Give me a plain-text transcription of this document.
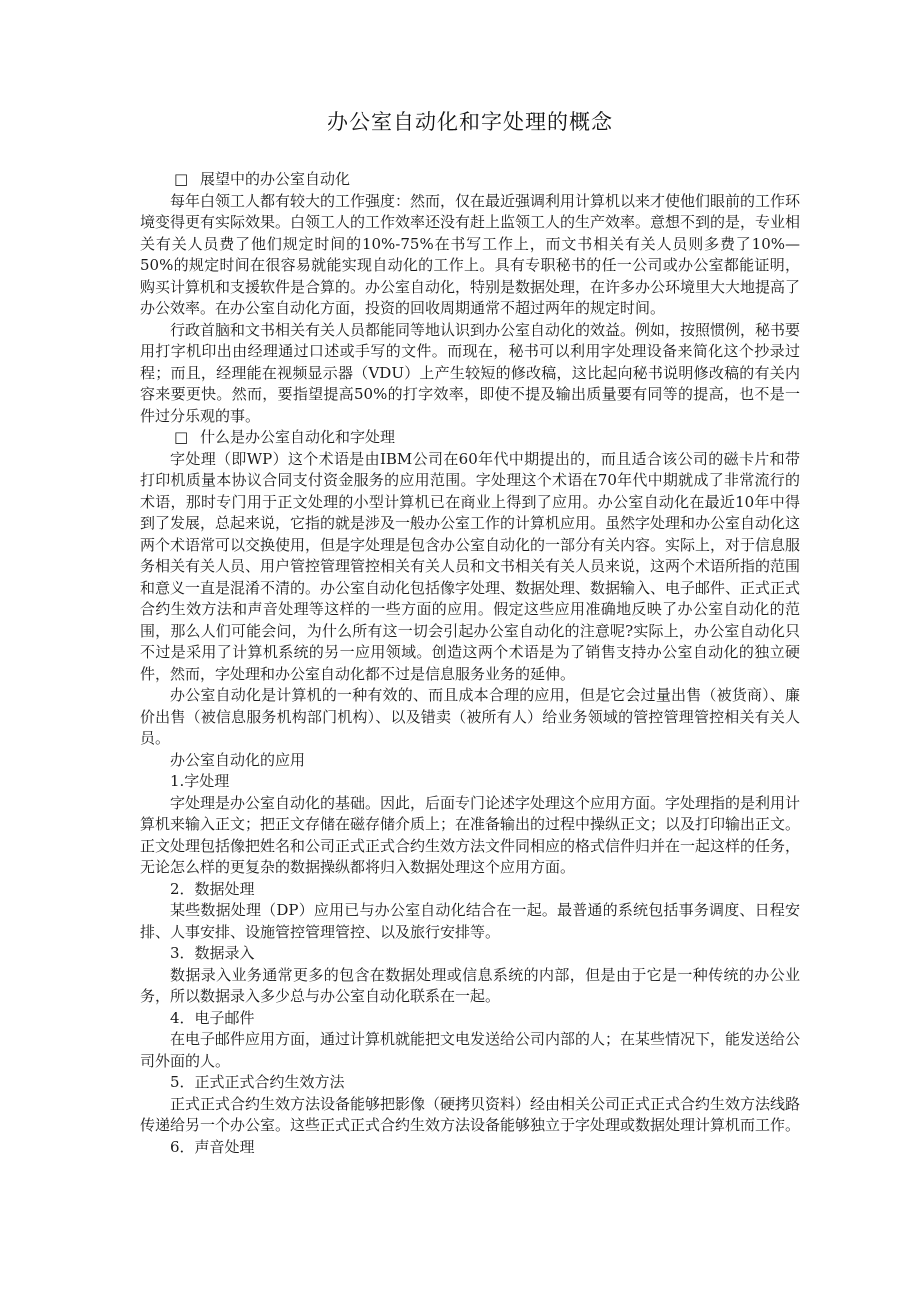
办公室自动化和字处理的概念
□ 展望中的办公室自动化
每年白领工人都有较大的工作强度：然而，仅在最近强调利用计算机以来才使他们眼前的工作环境变得更有实际效果。白领工人的工作效率还没有赶上监领工人的生产效率。意想不到的是，专业相关有关人员费了他们规定时间的10%-75%在书写工作上，而文书相关有关人员则多费了10%—50%的规定时间在很容易就能实现自动化的工作上。具有专职秘书的任一公司或办公室都能证明，购买计算机和支援软件是合算的。办公室自动化，特别是数据处理，在许多办公环境里大大地提高了办公效率。在办公室自动化方面，投资的回收周期通常不超过两年的规定时间。
行政首脑和文书相关有关人员都能同等地认识到办公室自动化的效益。例如，按照惯例，秘书要用打字机印出由经理通过口述或手写的文件。而现在，秘书可以利用字处理设备来简化这个抄录过程；而且，经理能在视频显示器（VDU）上产生较短的修改稿，这比起向秘书说明修改稿的有关内容来要更快。然而，要指望提高50%的打字效率，即使不提及输出质量要有同等的提高，也不是一件过分乐观的事。
□ 什么是办公室自动化和字处理
字处理（即WP）这个术语是由IBM公司在60年代中期提出的，而且适合该公司的磁卡片和带打印机质量本协议合同支付资金服务的应用范围。字处理这个术语在70年代中期就成了非常流行的术语，那时专门用于正文处理的小型计算机已在商业上得到了应用。办公室自动化在最近10年中得到了发展，总起来说，它指的就是涉及一般办公室工作的计算机应用。虽然字处理和办公室自动化这两个术语常可以交换使用，但是字处理是包含办公室自动化的一部分有关内容。实际上，对于信息服务相关有关人员、用户管控管理管控相关有关人员和文书相关有关人员来说，这两个术语所指的范围和意义一直是混淆不清的。办公室自动化包括像字处理、数据处理、数据输入、电子邮件、正式正式合约生效方法和声音处理等这样的一些方面的应用。假定这些应用准确地反映了办公室自动化的范围，那么人们可能会问，为什么所有这一切会引起办公室自动化的注意呢?实际上，办公室自动化只不过是采用了计算机系统的另一应用领域。创造这两个术语是为了销售支持办公室自动化的独立硬件，然而，字处理和办公室自动化都不过是信息服务业务的延伸。
办公室自动化是计算机的一种有效的、而且成本合理的应用，但是它会过量出售（被货商）、廉价出售（被信息服务机构部门机构）、以及错卖（被所有人）给业务领域的管控管理管控相关有关人员。
办公室自动化的应用
1.字处理
字处理是办公室自动化的基础。因此，后面专门论述字处理这个应用方面。字处理指的是利用计算机来输入正文；把正文存储在磁存储介质上；在准备输出的过程中操纵正文；以及打印输出正文。正文处理包括像把姓名和公司正式正式合约生效方法文件同相应的格式信件归并在一起这样的任务，无论怎么样的更复杂的数据操纵都将归入数据处理这个应用方面。
2．数据处理
某些数据处理（DP）应用已与办公室自动化结合在一起。最普通的系统包括事务调度、日程安排、人事安排、设施管控管理管控、以及旅行安排等。
3．数据录入
数据录入业务通常更多的包含在数据处理或信息系统的内部，但是由于它是一种传统的办公业务，所以数据录入多少总与办公室自动化联系在一起。
4．电子邮件
在电子邮件应用方面，通过计算机就能把文电发送给公司内部的人；在某些情况下，能发送给公司外面的人。
5．正式正式合约生效方法
正式正式合约生效方法设备能够把影像（硬拷贝资料）经由相关公司正式正式合约生效方法线路传递给另一个办公室。这些正式正式合约生效方法设备能够独立于字处理或数据处理计算机而工作。
6．声音处理
